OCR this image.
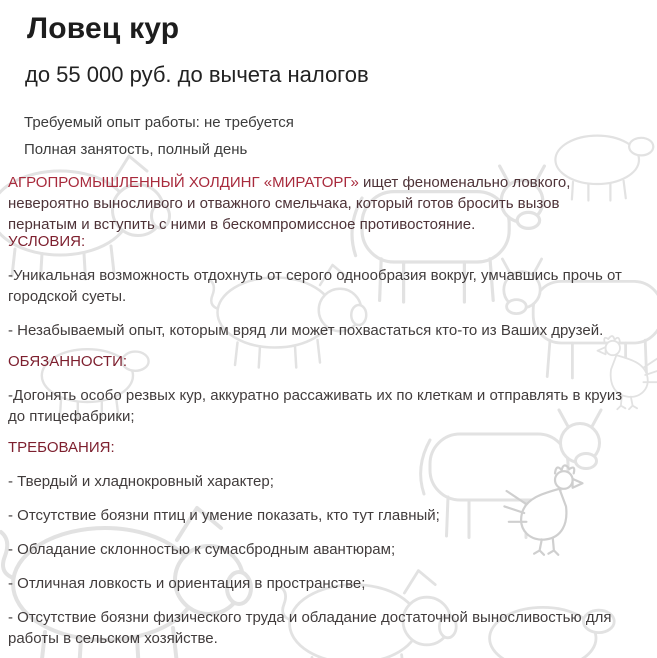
Ловец кур
до 55 000 руб. до вычета налогов
Требуемый опыт работы: не требуется
Полная занятость, полный день

АГРОПРОМЫШЛЕННЫЙ ХОЛДИНГ «МИРАТОРГ» ищет феноменально ловкого, невероятно выносливого и отважного смельчака, который готов бросить вызов пернатым и вступить с ними в бескомпромиссное противостояние.

УСЛОВИЯ:

-Уникальная возможность отдохнуть от серого однообразия вокруг, умчавшись прочь от городской суеты.

- Незабываемый опыт, которым вряд ли может похвастаться кто-то из Ваших друзей.

ОБЯЗАННОСТИ:

-Догонять особо резвых кур, аккуратно рассаживать их по клеткам и отправлять в круиз до птицефабрики;

ТРЕБОВАНИЯ:

- Твердый и хладнокровный характер;

- Отсутствие боязни птиц и умение показать, кто тут главный;

- Обладание склонностью к сумасбродным авантюрам;

- Отличная ловкость и ориентация в пространстве;

- Отсутствие боязни физического труда и обладание достаточной выносливостью для работы в сельском хозяйстве.
